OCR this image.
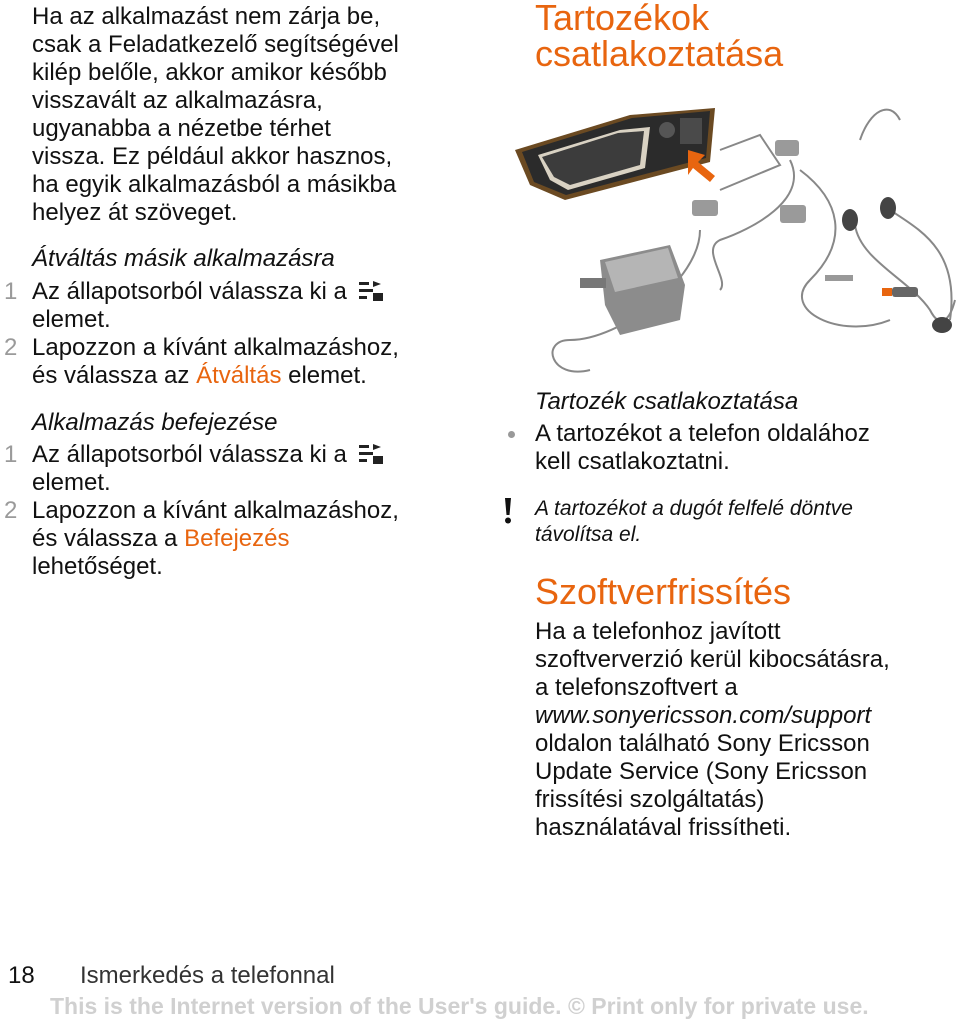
Ha az alkalmazást nem zárja be,

csak a Feladatkezelő segítségével

kilép belőle, akkor amikor később

visszavált az alkalmazásra,

ugyanabba a nézetbe térhet

vissza. Ez például akkor hasznos,

ha egyik alkalmazásból a másikba

helyez át szöveget.

Átváltás másik alkalmazásra

1 Az állapotsorból válassza ki a
elemet.
2 Lapozzon a kívánt alkalmazáshoz,
és válassza az Átváltás elemet.

Alkalmazás befejezése

1 Az állapotsorból válassza ki a
elemet.
2 Lapozzon a kívánt alkalmazáshoz,
és válassza a Befejezés
lehetőséget.

Tartozékok

csatlakoztatása

Tartozék csatlakoztatása

A tartozékot a telefon oldalához
kell csatlakoztatni.
A tartozékot a dugót felfelé döntve
távolítsa el.

Szoftverfrissítés

Ha a telefonhoz javított

szoftververzió kerül kibocsátásra,

a telefonszoftvert a

www.sonyericsson.com/support

oldalon található Sony Ericsson

Update Service (Sony Ericsson

frissítési szolgáltatás)

használatával frissítheti.

18 Ismerkedés a telefonnal
This is the Internet version of the User's guide. © Print only for private use.
